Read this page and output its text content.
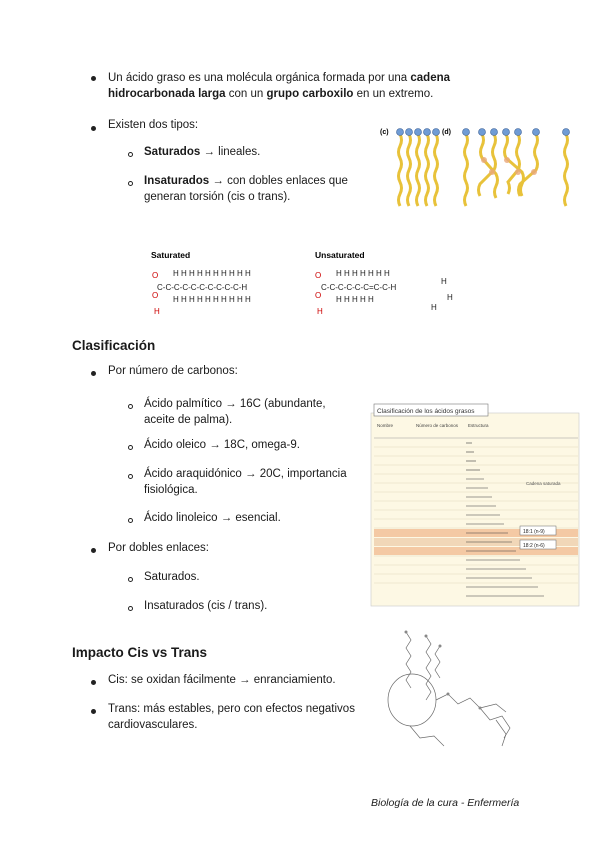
Un ácido graso es una molécula orgánica formada por una cadena hidrocarbonada larga con un grupo carboxilo en un extremo.
Existen dos tipos:
Saturados → lineales.
Insaturados → con dobles enlaces que generan torsión (cis o trans).
(c)	(d)
Saturated	Unsaturated
O
O
H
C-C-C-C-C-C-C-C-C-C-H
H H H H H H H H H H
H H H H H H H H H H
O
O
H
C-C-C-C-C-C=C-C-H
H H H H H H H
H H H H H
H
H
H
Clasificación
Por número de carbonos:
Ácido palmítico → 16C (abundante, aceite de palma).
Ácido oleico → 18C, omega-9.
Ácido araquidónico → 20C, importancia fisiológica.
Ácido linoleico → esencial.
Por dobles enlaces:
Saturados.
Insaturados (cis / trans).
Clasificación de los ácidos grasos
Nombre	Número de carbonos Estructura
Cadena saturada
18:1 (n-9)
18:2 (n-6)
Impacto Cis vs Trans
Cis: se oxidan fácilmente → enranciamiento.
Trans: más estables, pero con efectos negativos cardiovasculares.
Biología de la cura - Enfermería
